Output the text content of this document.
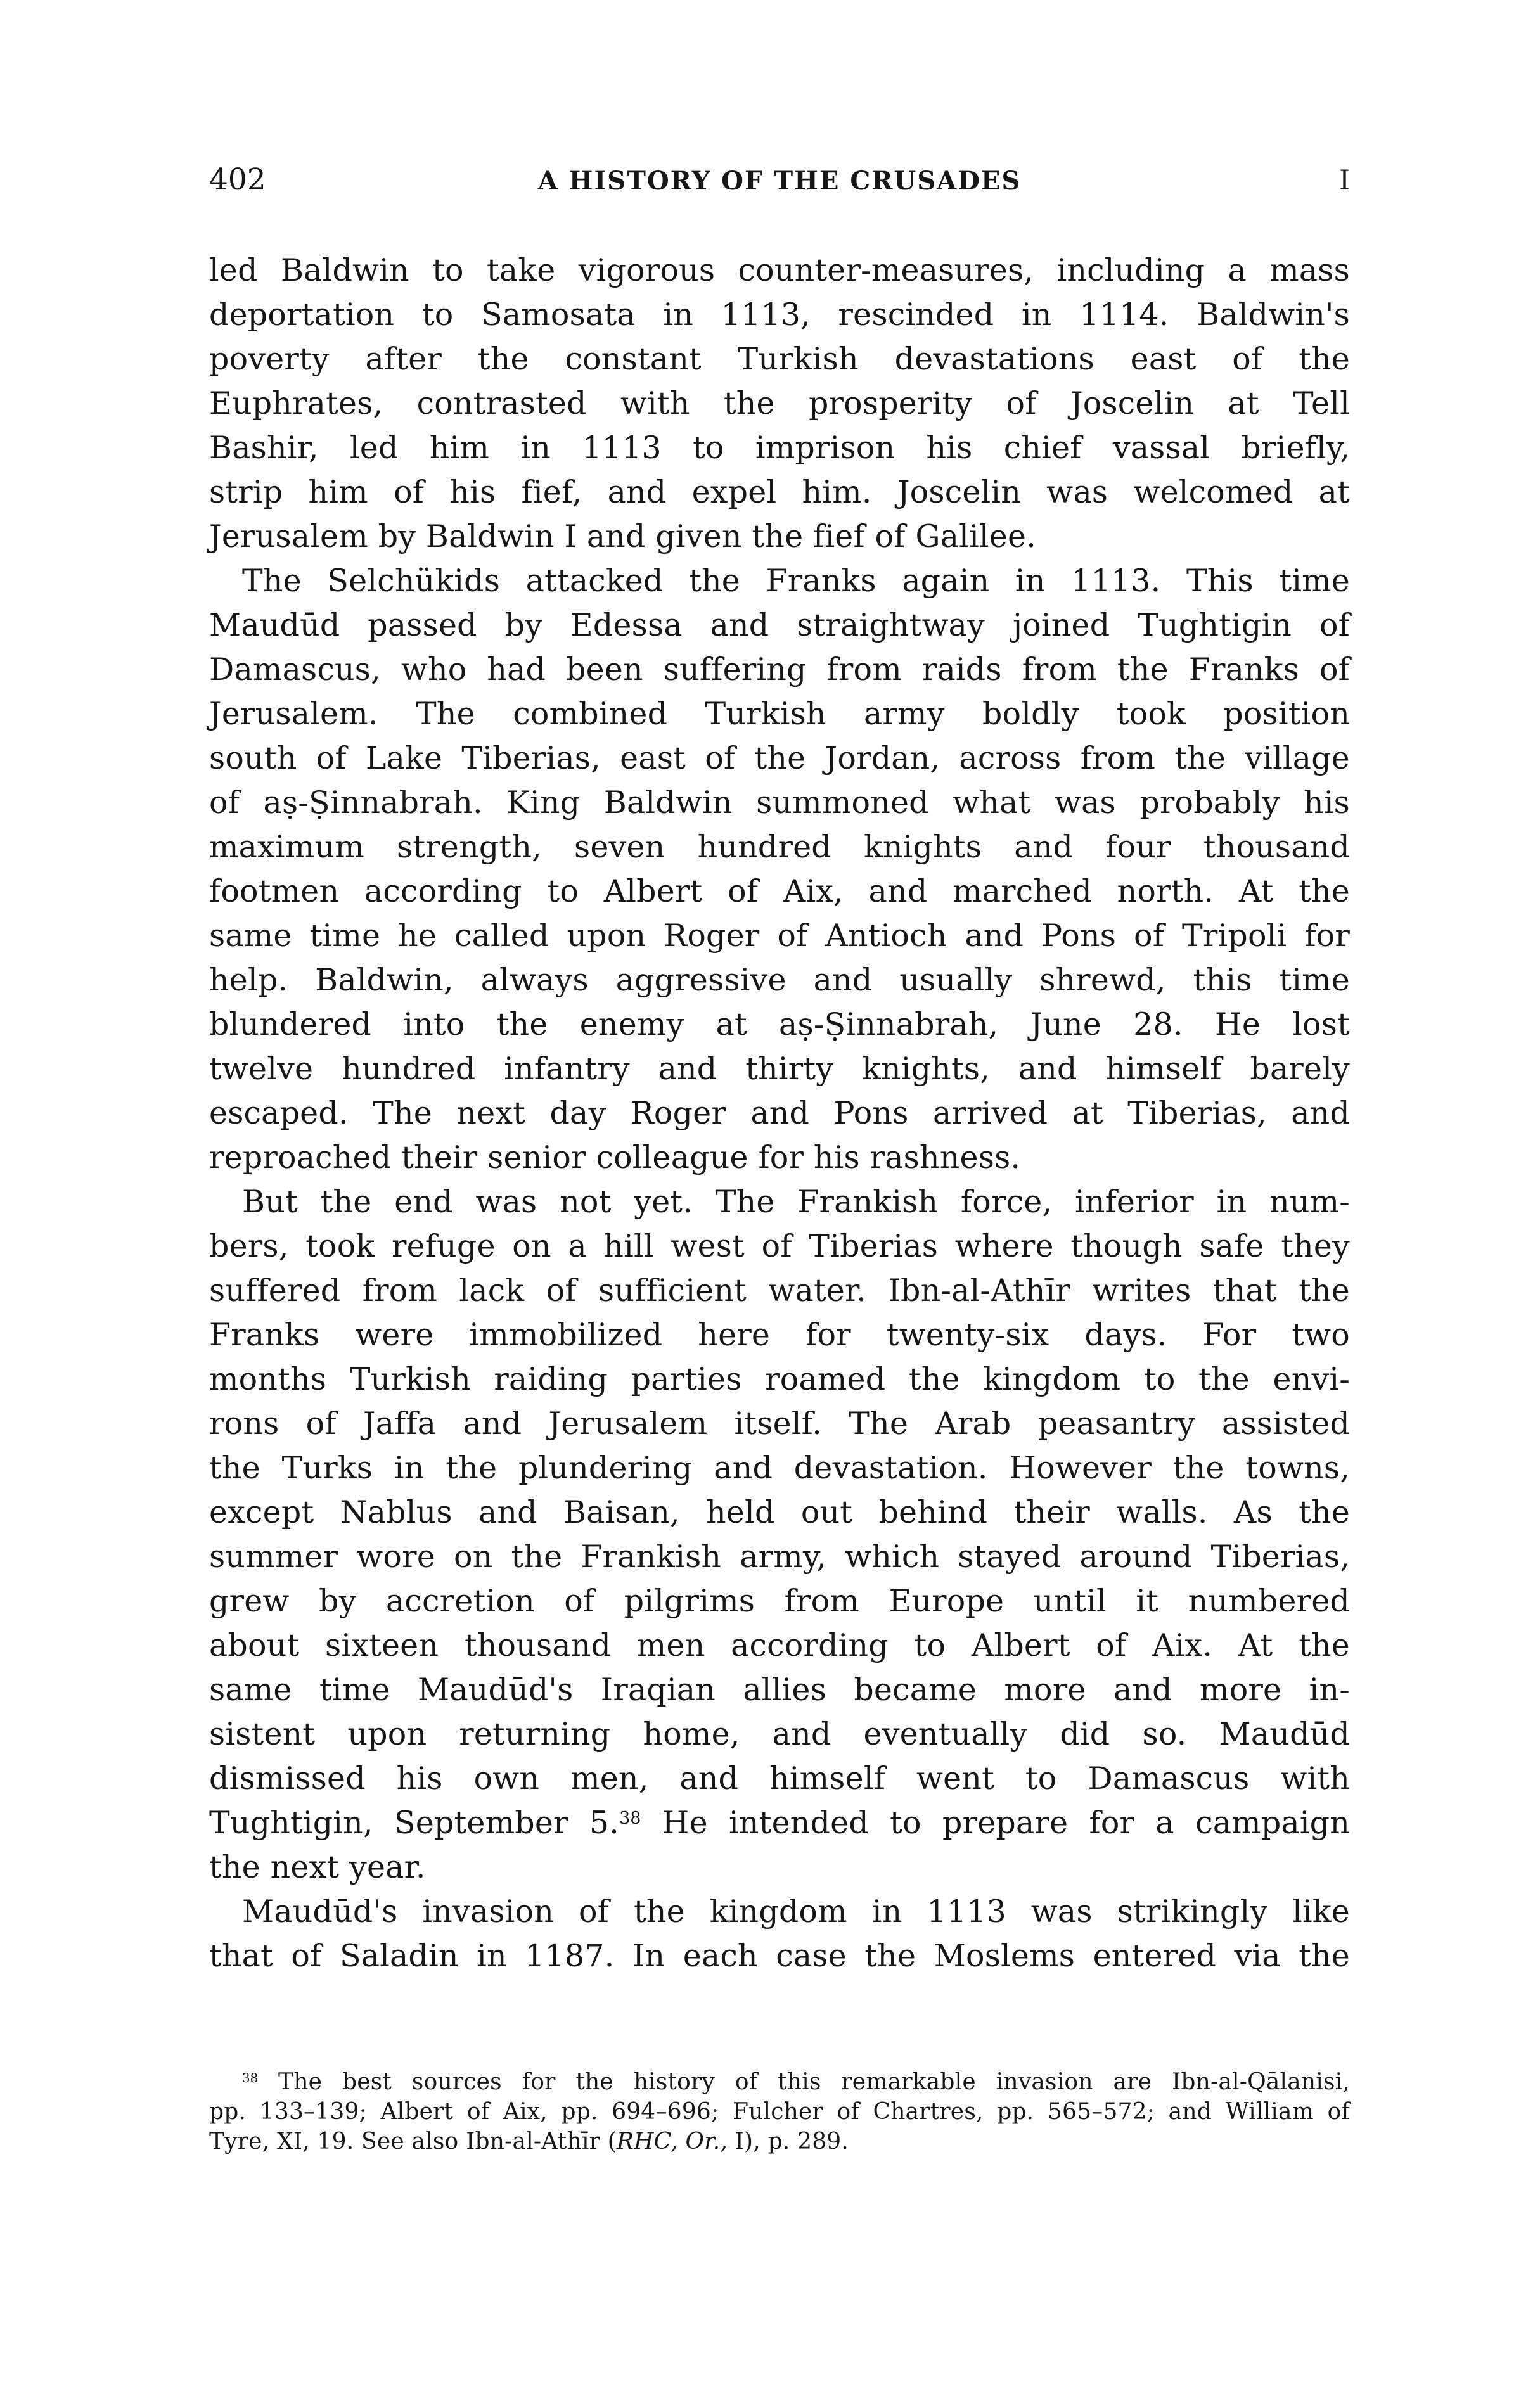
402	A HISTORY OF THE CRUSADES	I
led Baldwin to take vigorous counter-measures, including a mass
deportation to Samosata in 1113, rescinded in 1114. Baldwin's
poverty after the constant Turkish devastations east of the
Euphrates, contrasted with the prosperity of Joscelin at Tell
Bashir, led him in 1113 to imprison his chief vassal briefly,
strip him of his fief, and expel him. Joscelin was welcomed at
Jerusalem by Baldwin I and given the fief of Galilee.
The Selchükids attacked the Franks again in 1113. This time
Maudūd passed by Edessa and straightway joined Tughtigin of
Damascus, who had been suffering from raids from the Franks of
Jerusalem. The combined Turkish army boldly took position
south of Lake Tiberias, east of the Jordan, across from the village
of aṣ-Ṣinnabrah. King Baldwin summoned what was probably his
maximum strength, seven hundred knights and four thousand
footmen according to Albert of Aix, and marched north. At the
same time he called upon Roger of Antioch and Pons of Tripoli for
help. Baldwin, always aggressive and usually shrewd, this time
blundered into the enemy at aṣ-Ṣinnabrah, June 28. He lost
twelve hundred infantry and thirty knights, and himself barely
escaped. The next day Roger and Pons arrived at Tiberias, and
reproached their senior colleague for his rashness.
But the end was not yet. The Frankish force, inferior in num-
bers, took refuge on a hill west of Tiberias where though safe they
suffered from lack of sufficient water. Ibn-al-Athīr writes that the
Franks were immobilized here for twenty-six days. For two
months Turkish raiding parties roamed the kingdom to the envi-
rons of Jaffa and Jerusalem itself. The Arab peasantry assisted
the Turks in the plundering and devastation. However the towns,
except Nablus and Baisan, held out behind their walls. As the
summer wore on the Frankish army, which stayed around Tiberias,
grew by accretion of pilgrims from Europe until it numbered
about sixteen thousand men according to Albert of Aix. At the
same time Maudūd's Iraqian allies became more and more in-
sistent upon returning home, and eventually did so. Maudūd
dismissed his own men, and himself went to Damascus with
Tughtigin, September 5.38 He intended to prepare for a campaign
the next year.
Maudūd's invasion of the kingdom in 1113 was strikingly like
that of Saladin in 1187. In each case the Moslems entered via the
$^{38}$ The best sources for the history of this remarkable invasion are Ibn-al-Qālanisi,
pp. 133–139; Albert of Aix, pp. 694–696; Fulcher of Chartres, pp. 565–572; and William of
Tyre, XI, 19. See also Ibn-al-Athīr (RHC, Or., I), p. 289.
